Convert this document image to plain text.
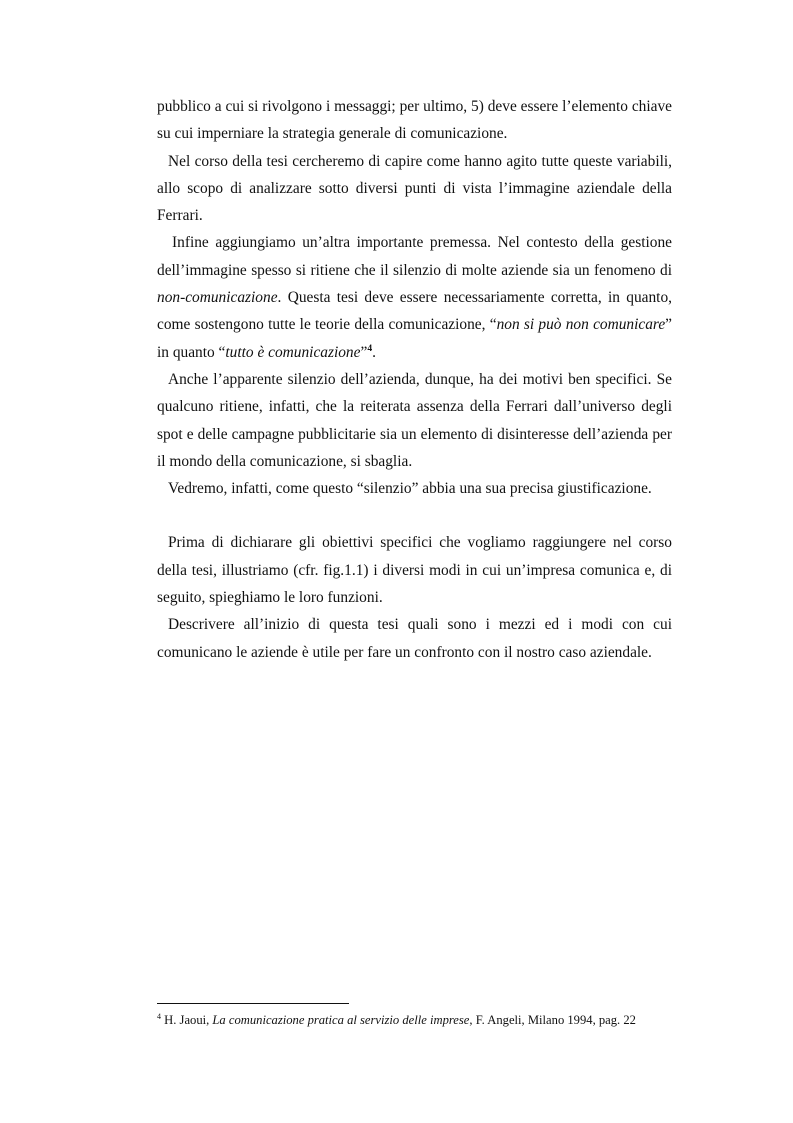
pubblico a cui si rivolgono i messaggi; per ultimo, 5) deve essere l’elemento chiave su cui imperniare la strategia generale di comunicazione.

Nel corso della tesi cercheremo di capire come hanno agito tutte queste variabili, allo scopo di analizzare sotto diversi punti di vista l’immagine aziendale della Ferrari.

Infine aggiungiamo un’altra importante premessa. Nel contesto della gestione dell’immagine spesso si ritiene che il silenzio di molte aziende sia un fenomeno di non-comunicazione. Questa tesi deve essere necessariamente corretta, in quanto, come sostengono tutte le teorie della comunicazione, “non si può non comunicare” in quanto “tutto è comunicazione”$^4$.

Anche l’apparente silenzio dell’azienda, dunque, ha dei motivi ben specifici. Se qualcuno ritiene, infatti, che la reiterata assenza della Ferrari dall’universo degli spot e delle campagne pubblicitarie sia un elemento di disinteresse dell’azienda per il mondo della comunicazione, si sbaglia.

Vedremo, infatti, come questo “silenzio” abbia una sua precisa giustificazione.

Prima di dichiarare gli obiettivi specifici che vogliamo raggiungere nel corso della tesi, illustriamo (cfr. fig.1.1) i diversi modi in cui un’impresa comunica e, di seguito, spieghiamo le loro funzioni.

Descrivere all’inizio di questa tesi quali sono i mezzi ed i modi con cui comunicano le aziende è utile per fare un confronto con il nostro caso aziendale.

$^4$ H. Jaoui, La comunicazione pratica al servizio delle imprese, F. Angeli, Milano 1994, pag. 22
